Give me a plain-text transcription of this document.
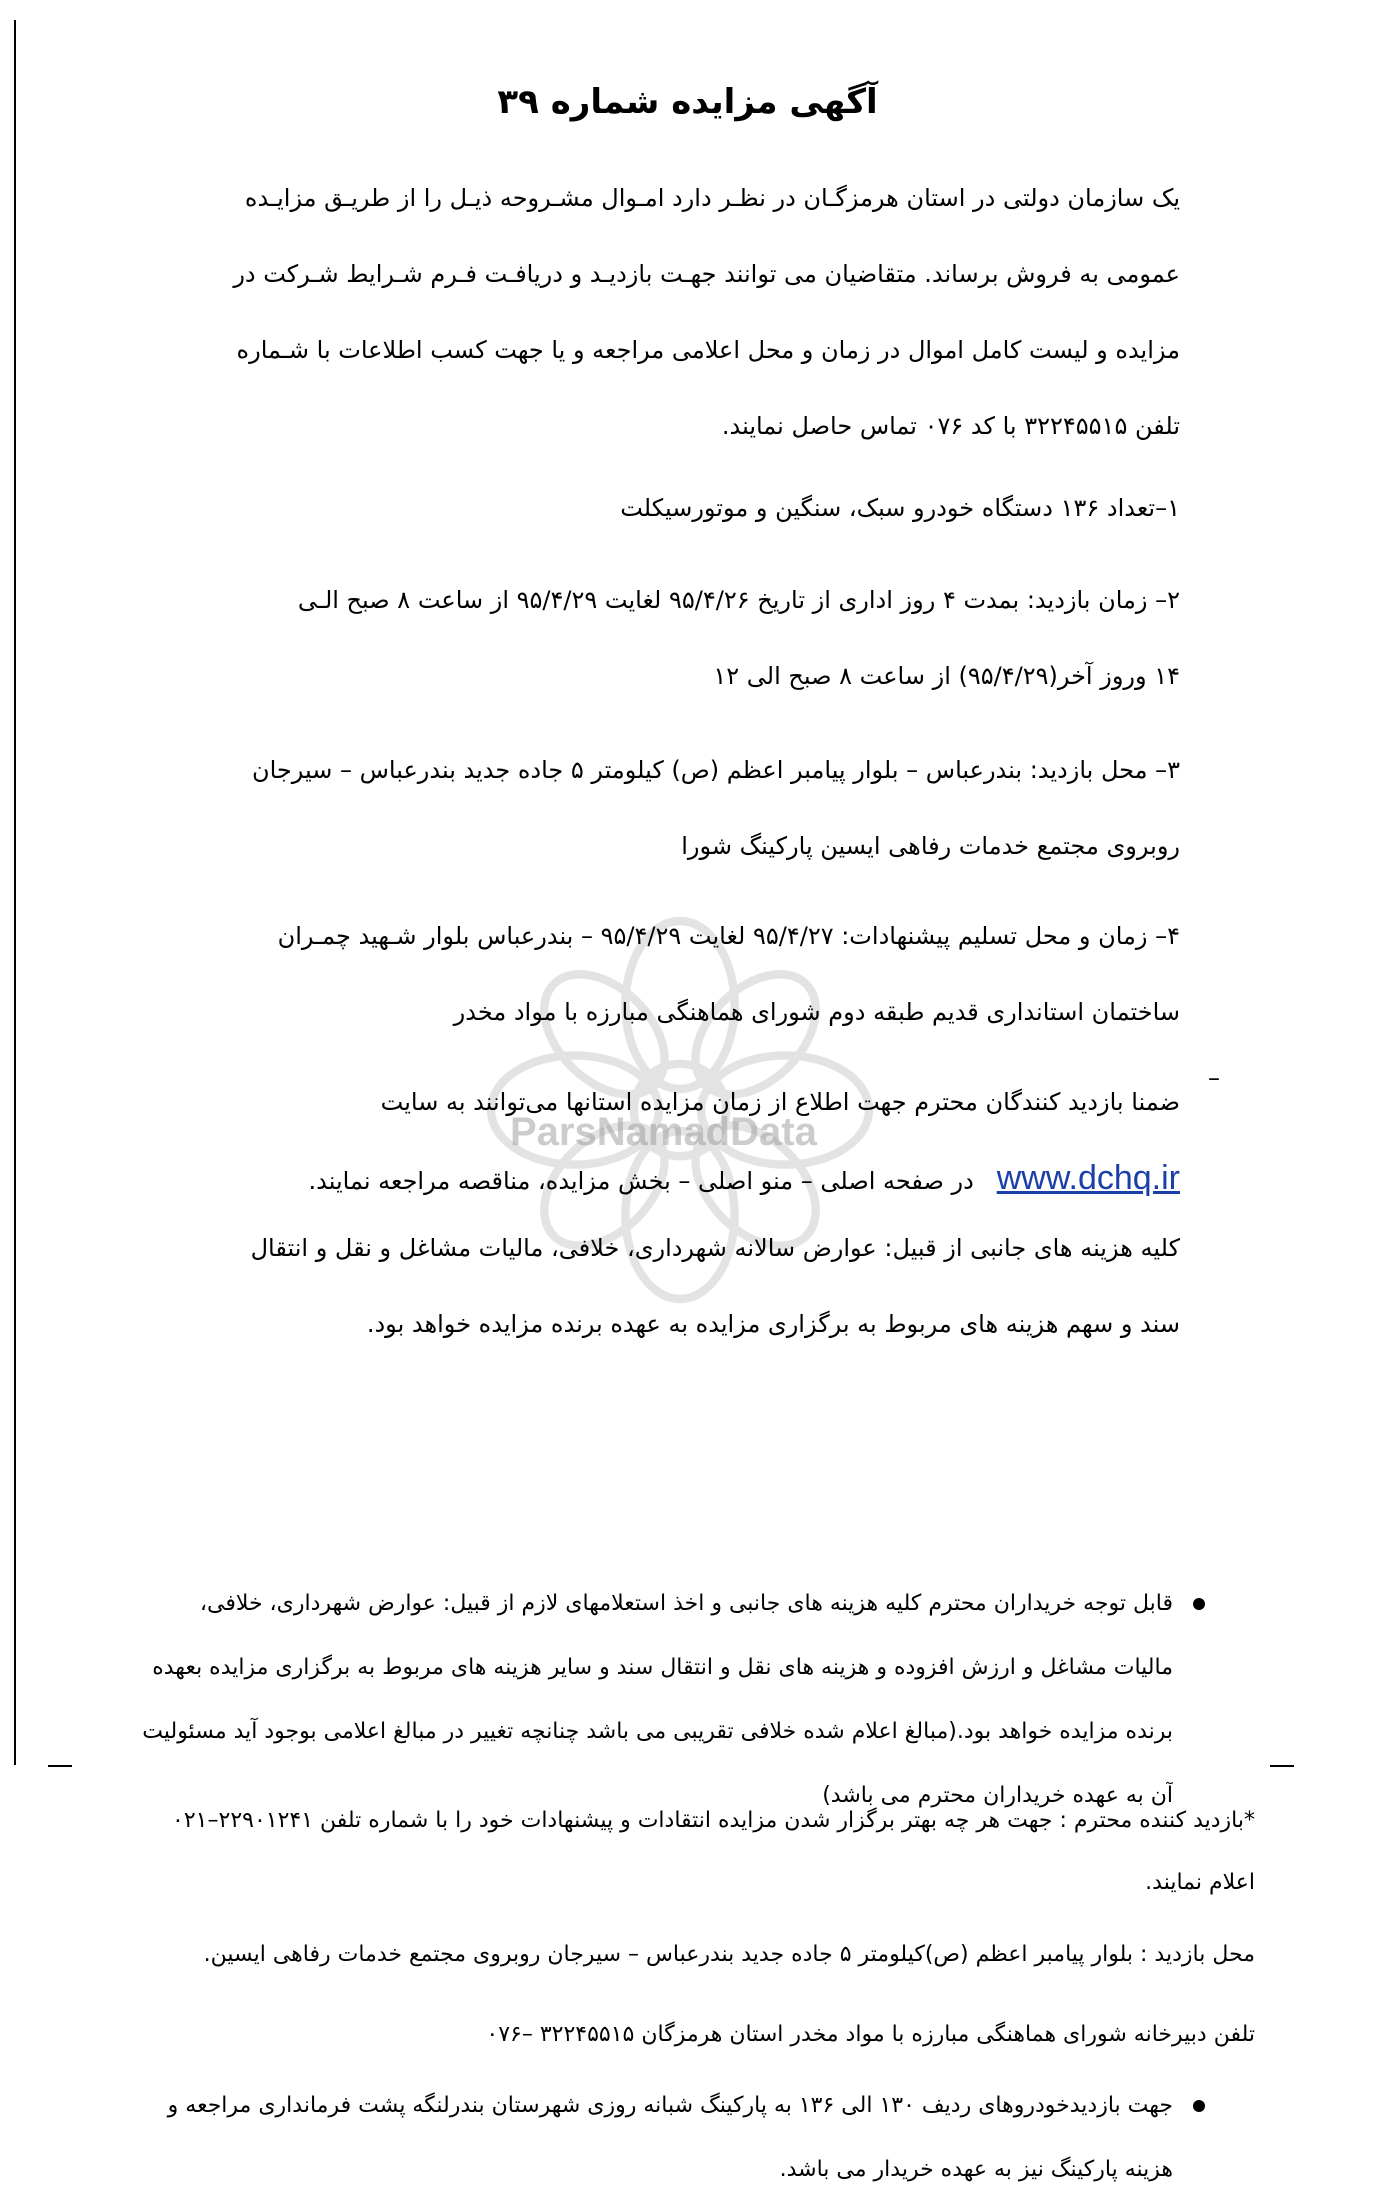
ParsNamadData
آگهی مزایده شماره ۳۹
یک سازمان دولتی در استان هرمزگـان در نظـر دارد امـوال مشـروحه ذیـل را از طریـق مزایـده
عمومی به فروش برساند. متقاضیان می توانند جهـت بازدیـد و دریافـت فـرم شـرایط شـرکت در
مزایده و لیست کامل اموال در زمان و محل اعلامی مراجعه و یا جهت کسب اطلاعات با شـماره
تلفن ۳۲۲۴۵۵۱۵ با کد ۰۷۶ تماس حاصل نمایند.
۱–تعداد ۱۳۶ دستگاه خودرو سبک، سنگین و موتورسیکلت
۲– زمان بازدید: بمدت ۴ روز اداری از تاریخ ۹۵/۴/۲۶ لغایت ۹۵/۴/۲۹ از ساعت ۸ صبح الـی
۱۴ وروز آخر(۹۵/۴/۲۹) از ساعت ۸ صبح الی ۱۲
۳– محل بازدید: بندرعباس – بلوار پیامبر اعظم (ص) کیلومتر ۵ جاده جدید بندرعباس – سیرجان
روبروی مجتمع خدمات رفاهی ایسین پارکینگ شورا
۴– زمان و محل تسلیم پیشنهادات: ۹۵/۴/۲۷ لغایت ۹۵/۴/۲۹ – بندرعباس بلوار شـهید چمـران
ساختمان استانداری قدیم طبقه دوم شورای هماهنگی مبارزه با مواد مخدر
–
ضمنا بازدید کنندگان محترم جهت اطلاع از زمان مزایده استانها می‌توانند به سایت
www.dchq.ir   در صفحه اصلی – منو اصلی – بخش مزایده، مناقصه مراجعه نمایند.
کلیه هزینه های جانبی از قبیل: عوارض سالانه شهرداری، خلافی، مالیات مشاغل و نقل و انتقال
سند و سهم هزینه های مربوط به برگزاری مزایده به عهده برنده مزایده خواهد بود.
قابل توجه خریداران محترم کلیه هزینه های جانبی و اخذ استعلامهای لازم از قبیل: عوارض شهرداری، خلافی،
مالیات مشاغل و ارزش افزوده و هزینه های نقل و انتقال سند و سایر هزینه های مربوط به برگزاری مزایده بعهده
برنده مزایده خواهد بود.(مبالغ اعلام شده خلافی تقریبی می باشد چنانچه تغییر در مبالغ اعلامی بوجود آید مسئولیت
آن به عهده خریداران محترم می باشد)
جهت بازدیدخودروهای ردیف ۱۳۰ الی ۱۳۶ به پارکینگ شبانه روزی شهرستان بندرلنگه پشت فرمانداری مراجعه و
هزینه پارکینگ نیز به عهده خریدار می باشد.
*بازدید کننده محترم : جهت هر چه بهتر برگزار شدن مزایده انتقادات و پیشنهادات خود را با شماره تلفن ۲۲۹۰۱۲۴۱–۰۲۱
اعلام نمایند.
محل بازدید : بلوار پیامبر اعظم (ص)کیلومتر ۵ جاده جدید بندرعباس – سیرجان روبروی مجتمع خدمات رفاهی ایسین.
تلفن دبیرخانه شورای هماهنگی مبارزه با مواد مخدر استان هرمزگان ۳۲۲۴۵۵۱۵ –۰۷۶
